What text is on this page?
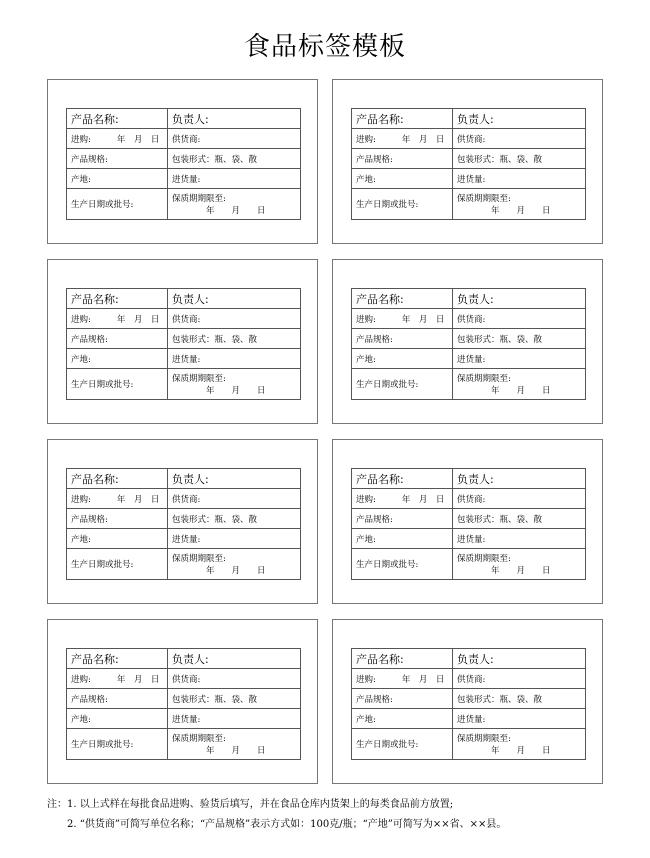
食品标签模板
产品名称:	负责人:
进购: 年　月　日	供货商:
产品规格:	包装形式：瓶、袋、散
产地:	进货量:
生产日期或批号:	保质期期限至:
年　　月　　日
产品名称:	负责人:
进购: 年　月　日	供货商:
产品规格:	包装形式：瓶、袋、散
产地:	进货量:
生产日期或批号:	保质期期限至:
年　　月　　日
产品名称:	负责人:
进购: 年　月　日	供货商:
产品规格:	包装形式：瓶、袋、散
产地:	进货量:
生产日期或批号:	保质期期限至:
年　　月　　日
产品名称:	负责人:
进购: 年　月　日	供货商:
产品规格:	包装形式：瓶、袋、散
产地:	进货量:
生产日期或批号:	保质期期限至:
年　　月　　日
产品名称:	负责人:
进购: 年　月　日	供货商:
产品规格:	包装形式：瓶、袋、散
产地:	进货量:
生产日期或批号:	保质期期限至:
年　　月　　日
产品名称:	负责人:
进购: 年　月　日	供货商:
产品规格:	包装形式：瓶、袋、散
产地:	进货量:
生产日期或批号:	保质期期限至:
年　　月　　日
产品名称:	负责人:
进购: 年　月　日	供货商:
产品规格:	包装形式：瓶、袋、散
产地:	进货量:
生产日期或批号:	保质期期限至:
年　　月　　日
产品名称:	负责人:
进购: 年　月　日	供货商:
产品规格:	包装形式：瓶、袋、散
产地:	进货量:
生产日期或批号:	保质期期限至:
年　　月　　日
注：1. 以上式样在每批食品进购、验货后填写，并在食品仓库内货架上的每类食品前方放置;
2. “供货商”可简写单位名称；“产品规格”表示方式如：100克/瓶；“产地”可简写为××省、××县。
